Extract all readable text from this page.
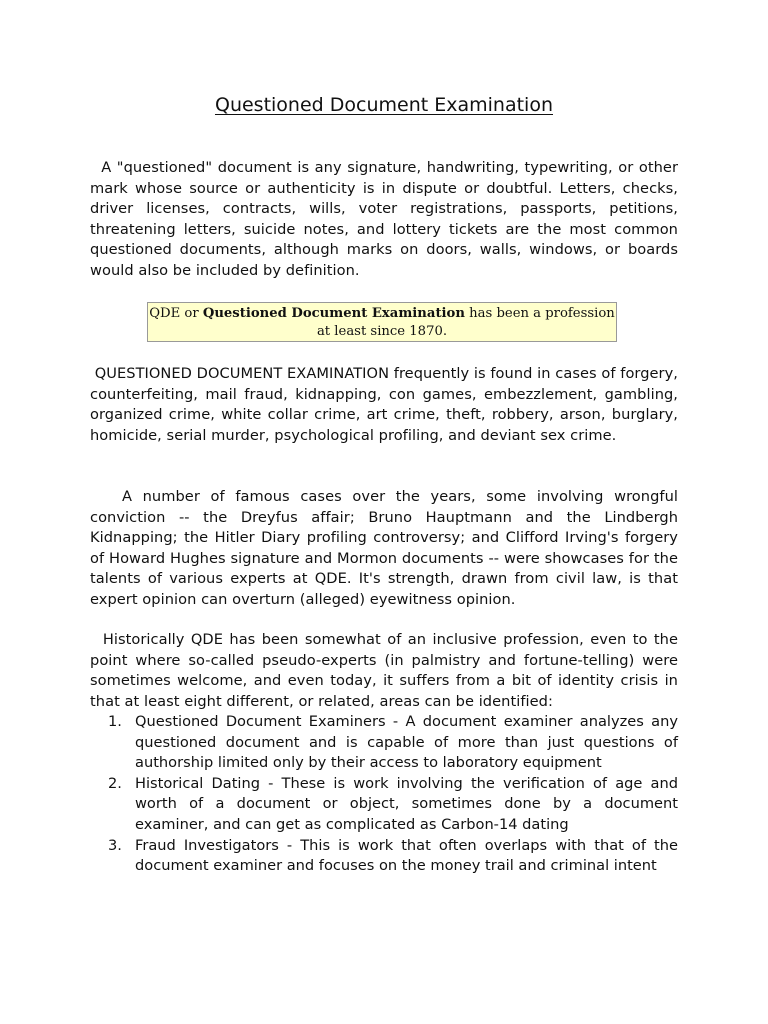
Questioned Document Examination

A "questioned" document is any signature, handwriting, typewriting, or other mark whose source or authenticity is in dispute or doubtful. Letters, checks, driver licenses, contracts, wills, voter registrations, passports, petitions, threatening letters, suicide notes, and lottery tickets are the most common questioned documents, although marks on doors, walls, windows, or boards would also be included by definition.

QDE or Questioned Document Examination has been a profession at least since 1870.

QUESTIONED DOCUMENT EXAMINATION frequently is found in cases of forgery, counterfeiting, mail fraud, kidnapping, con games, embezzlement, gambling, organized crime, white collar crime, art crime, theft, robbery, arson, burglary, homicide, serial murder, psychological profiling, and deviant sex crime.

A number of famous cases over the years, some involving wrongful conviction -- the Dreyfus affair; Bruno Hauptmann and the Lindbergh Kidnapping; the Hitler Diary profiling controversy; and Clifford Irving's forgery of Howard Hughes signature and Mormon documents -- were showcases for the talents of various experts at QDE. It's strength, drawn from civil law, is that expert opinion can overturn (alleged) eyewitness opinion.

Historically QDE has been somewhat of an inclusive profession, even to the point where so-called pseudo-experts (in palmistry and fortune-telling) were sometimes welcome, and even today, it suffers from a bit of identity crisis in that at least eight different, or related, areas can be identified:

1. Questioned Document Examiners - A document examiner analyzes any questioned document and is capable of more than just questions of authorship limited only by their access to laboratory equipment
2. Historical Dating - These is work involving the verification of age and worth of a document or object, sometimes done by a document examiner, and can get as complicated as Carbon-14 dating
3. Fraud Investigators - This is work that often overlaps with that of the document examiner and focuses on the money trail and criminal intent
